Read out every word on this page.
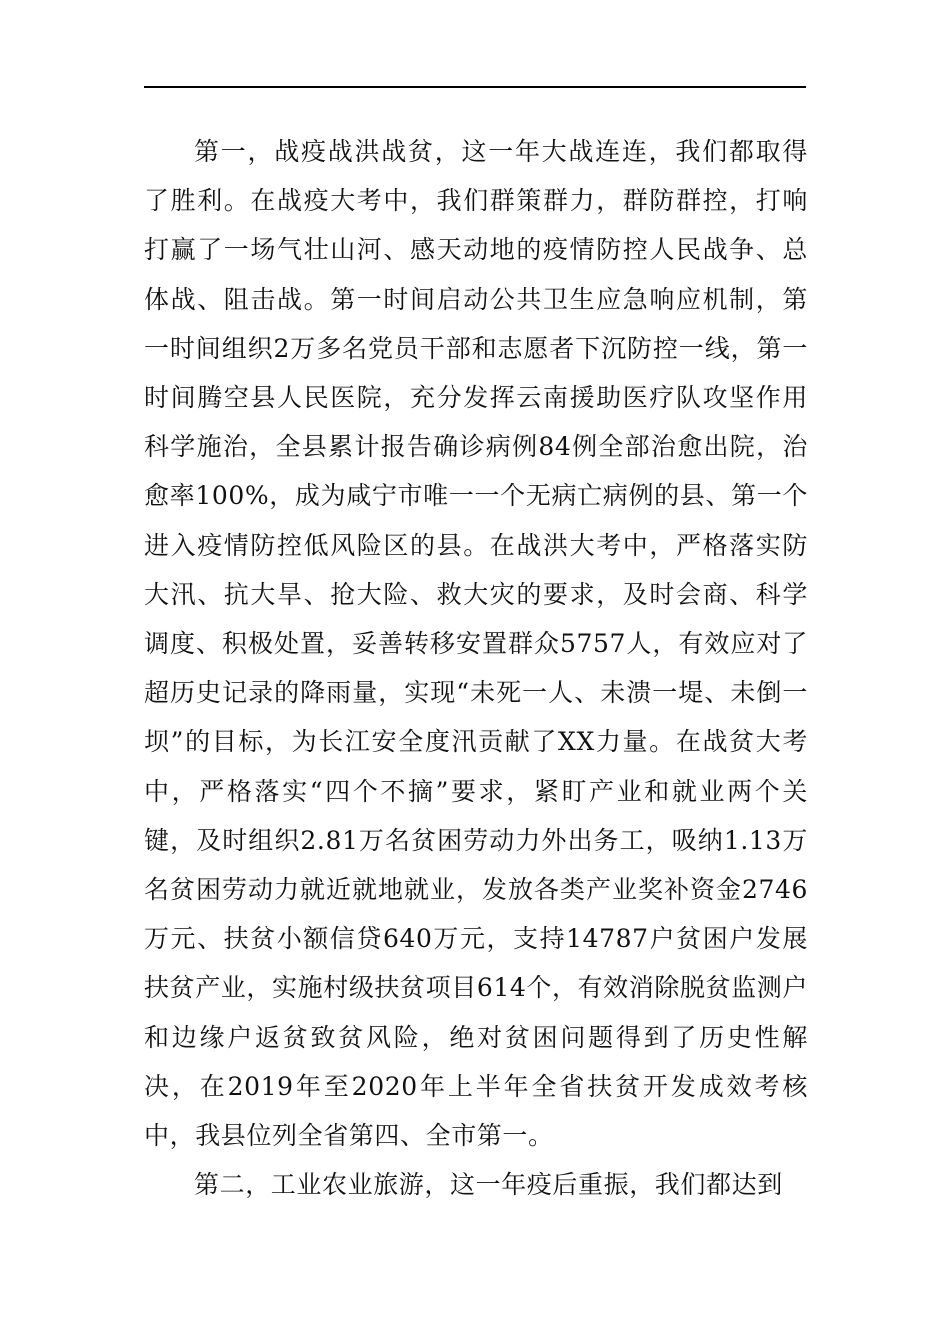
第一，战疫战洪战贫，这一年大战连连，我们都取得了胜利。在战疫大考中，我们群策群力，群防群控，打响打赢了一场气壮山河、感天动地的疫情防控人民战争、总体战、阻击战。第一时间启动公共卫生应急响应机制，第一时间组织2万多名党员干部和志愿者下沉防控一线，第一时间腾空县人民医院，充分发挥云南援助医疗队攻坚作用科学施治，全县累计报告确诊病例84例全部治愈出院，治愈率100%，成为咸宁市唯一一个无病亡病例的县、第一个进入疫情防控低风险区的县。在战洪大考中，严格落实防大汛、抗大旱、抢大险、救大灾的要求，及时会商、科学调度、积极处置，妥善转移安置群众5757人，有效应对了超历史记录的降雨量，实现“未死一人、未溃一堤、未倒一坝”的目标，为长江安全度汛贡献了XX力量。在战贫大考中，严格落实“四个不摘”要求，紧盯产业和就业两个关键，及时组织2.81万名贫困劳动力外出务工，吸纳1.13万名贫困劳动力就近就地就业，发放各类产业奖补资金2746万元、扶贫小额信贷640万元，支持14787户贫困户发展扶贫产业，实施村级扶贫项目614个，有效消除脱贫监测户和边缘户返贫致贫风险，绝对贫困问题得到了历史性解决，在2019年至2020年上半年全省扶贫开发成效考核中，我县位列全省第四、全市第一。

第二，工业农业旅游，这一年疫后重振，我们都达到
